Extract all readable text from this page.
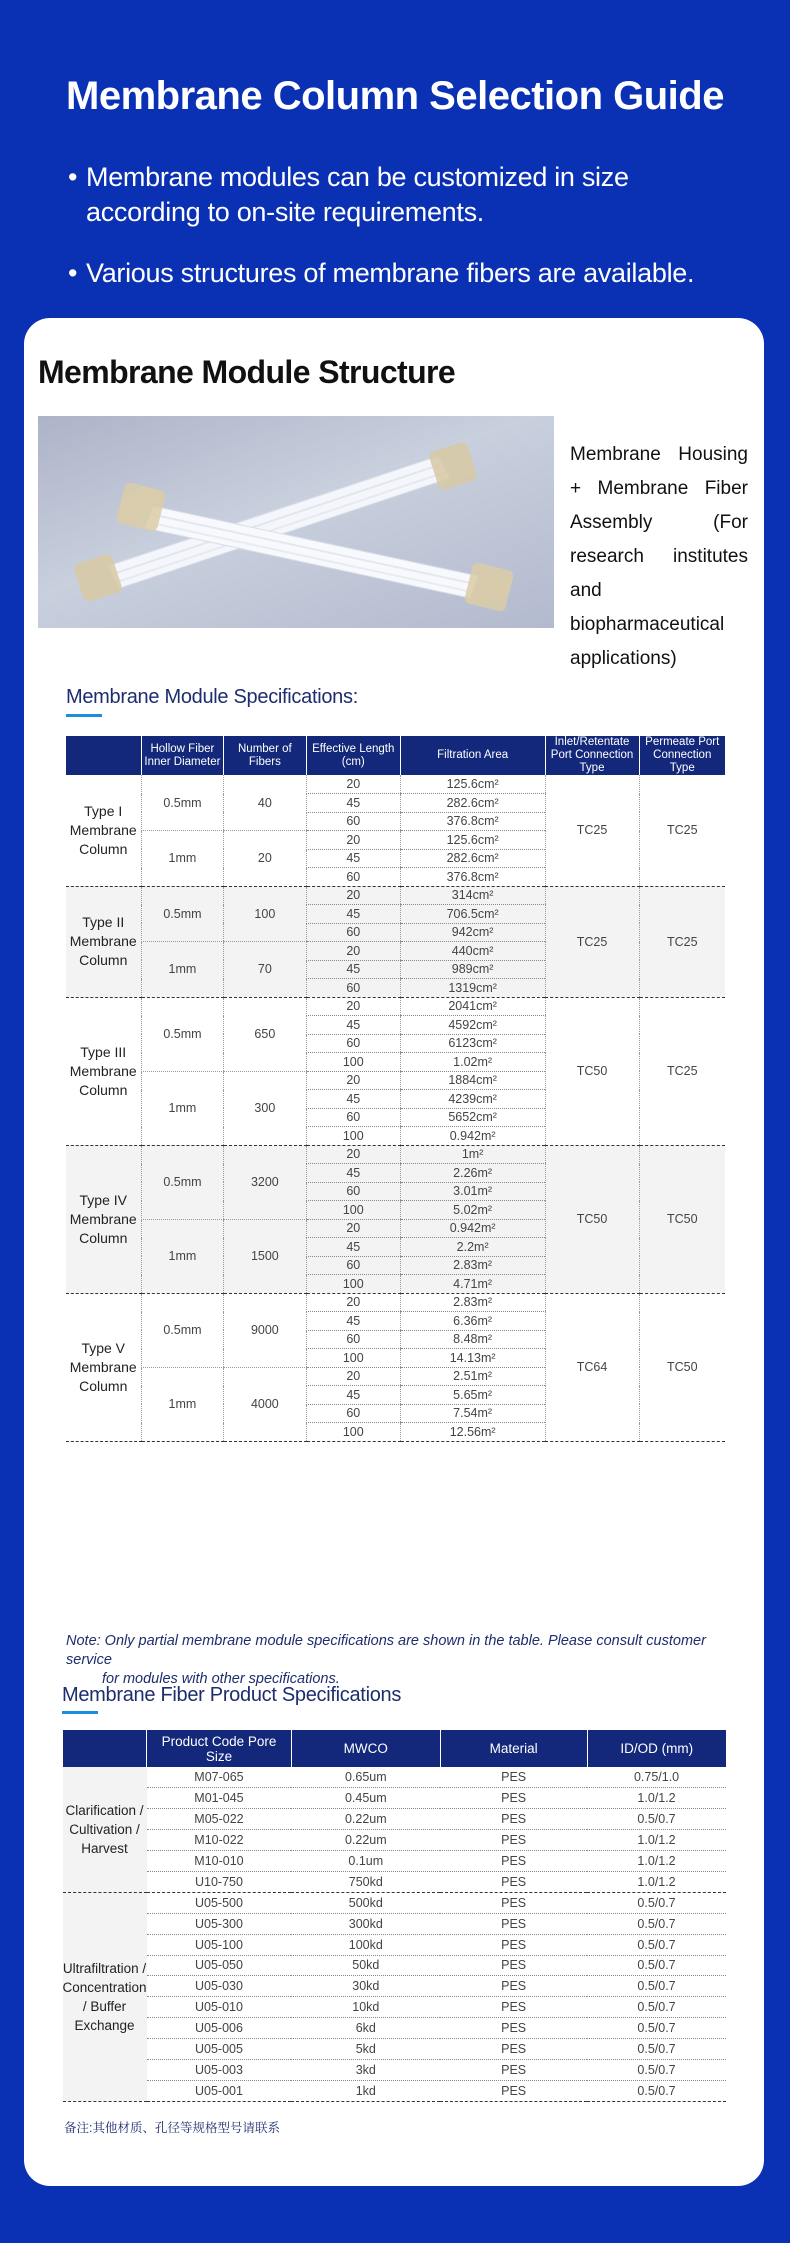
Membrane Column Selection Guide
• Membrane modules can be customized in size according to on-site requirements.
• Various structures of membrane fibers are available.
Membrane Module Structure
Membrane Housing + Membrane Fiber Assembly (For research institutes and biopharmaceutical applications)
Membrane Module Specifications:
	Hollow Fiber Inner Diameter	Number of Fibers	Effective Length (cm)	Filtration Area	Inlet/Retentate Port Connection Type	Permeate Port Connection Type
Type I Membrane Column	0.5mm	40	20	125.6cm²	TC25	TC25
			45	282.6cm²		
			60	376.8cm²		
	1mm	20	20	125.6cm²		
			45	282.6cm²		
			60	376.8cm²		
Type II Membrane Column	0.5mm	100	20	314cm²	TC25	TC25
			45	706.5cm²		
			60	942cm²		
	1mm	70	20	440cm²		
			45	989cm²		
			60	1319cm²		
Type III Membrane Column	0.5mm	650	20	2041cm²	TC50	TC25
			45	4592cm²		
			60	6123cm²		
			100	1.02m²		
	1mm	300	20	1884cm²		
			45	4239cm²		
			60	5652cm²		
			100	0.942m²		
Type IV Membrane Column	0.5mm	3200	20	1m²	TC50	TC50
			45	2.26m²		
			60	3.01m²		
			100	5.02m²		
	1mm	1500	20	0.942m²		
			45	2.2m²		
			60	2.83m²		
			100	4.71m²		
Type V Membrane Column	0.5mm	9000	20	2.83m²	TC64	TC50
			45	6.36m²		
			60	8.48m²		
			100	14.13m²		
	1mm	4000	20	2.51m²		
			45	5.65m²		
			60	7.54m²		
			100	12.56m²		
Note: Only partial membrane module specifications are shown in the table. Please consult customer service
for modules with other specifications.
Membrane Fiber Product Specifications
	Product Code Pore Size	MWCO	Material	ID/OD (mm)
Clarification / Cultivation / Harvest	M07-065	0.65um	PES	0.75/1.0
	M01-045	0.45um	PES	1.0/1.2
	M05-022	0.22um	PES	0.5/0.7
	M10-022	0.22um	PES	1.0/1.2
	M10-010	0.1um	PES	1.0/1.2
	U10-750	750kd	PES	1.0/1.2
Ultrafiltration / Concentration / Buffer Exchange	U05-500	500kd	PES	0.5/0.7
	U05-300	300kd	PES	0.5/0.7
	U05-100	100kd	PES	0.5/0.7
	U05-050	50kd	PES	0.5/0.7
	U05-030	30kd	PES	0.5/0.7
	U05-010	10kd	PES	0.5/0.7
	U05-006	6kd	PES	0.5/0.7
	U05-005	5kd	PES	0.5/0.7
	U05-003	3kd	PES	0.5/0.7
	U05-001	1kd	PES	0.5/0.7
备注:其他材质、孔径等规格型号请联系
